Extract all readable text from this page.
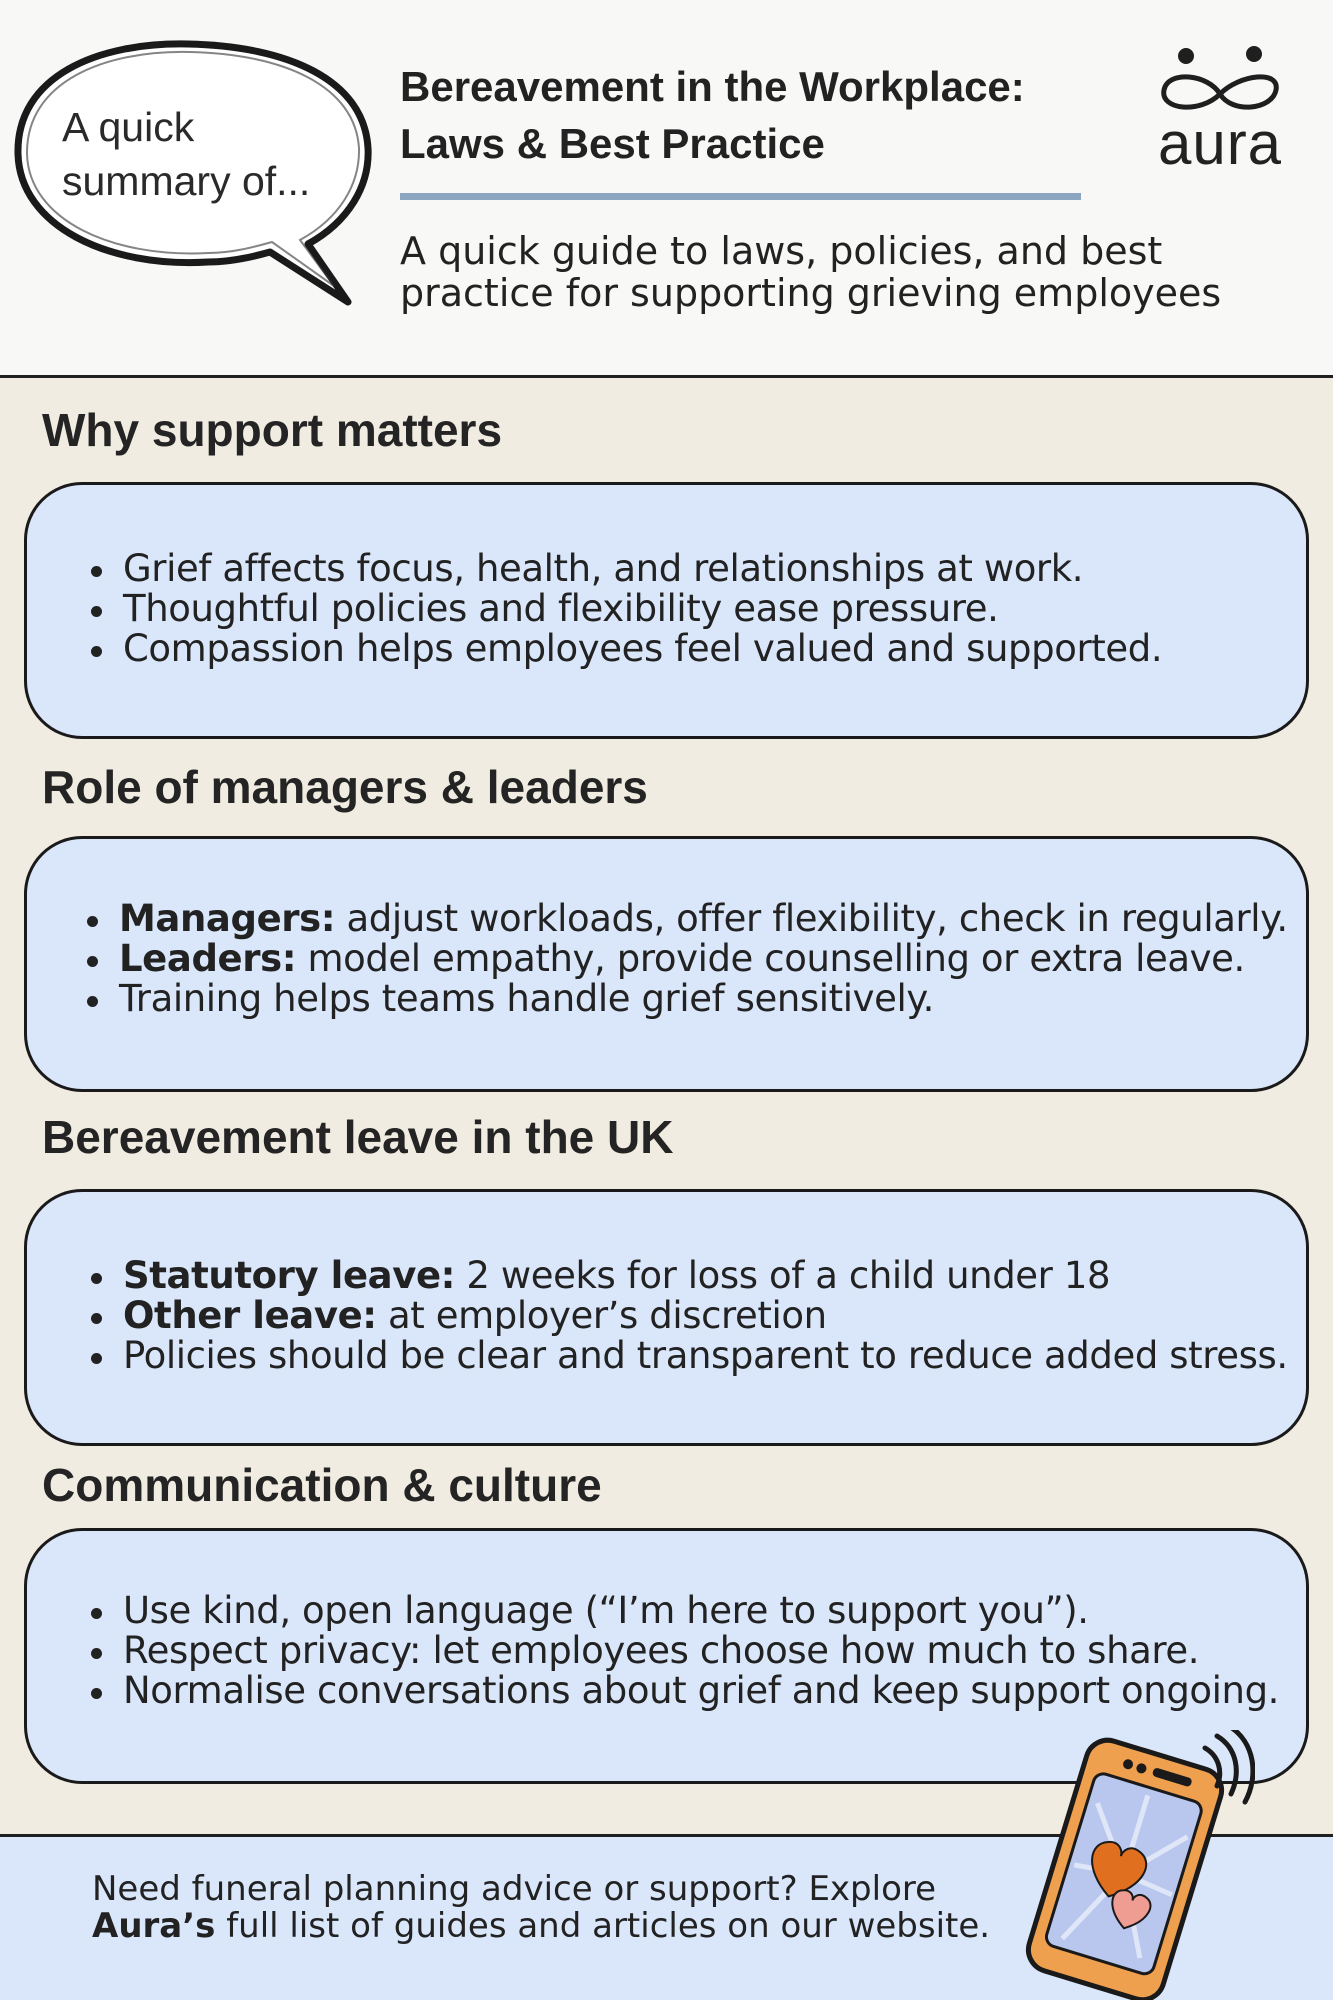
A quick summary of...
Bereavement in the Workplace:
Laws & Best Practice
A quick guide to laws, policies, and best practice for supporting grieving employees
aura
Why support matters
Grief affects focus, health, and relationships at work.
Thoughtful policies and flexibility ease pressure.
Compassion helps employees feel valued and supported.
Role of managers & leaders
Managers: adjust workloads, offer flexibility, check in regularly.
Leaders: model empathy, provide counselling or extra leave.
Training helps teams handle grief sensitively.
Bereavement leave in the UK
Statutory leave: 2 weeks for loss of a child under 18
Other leave: at employer’s discretion
Policies should be clear and transparent to reduce added stress.
Communication & culture
Use kind, open language (“I’m here to support you”).
Respect privacy: let employees choose how much to share.
Normalise conversations about grief and keep support ongoing.
Need funeral planning advice or support? Explore
Aura’s full list of guides and articles on our website.
